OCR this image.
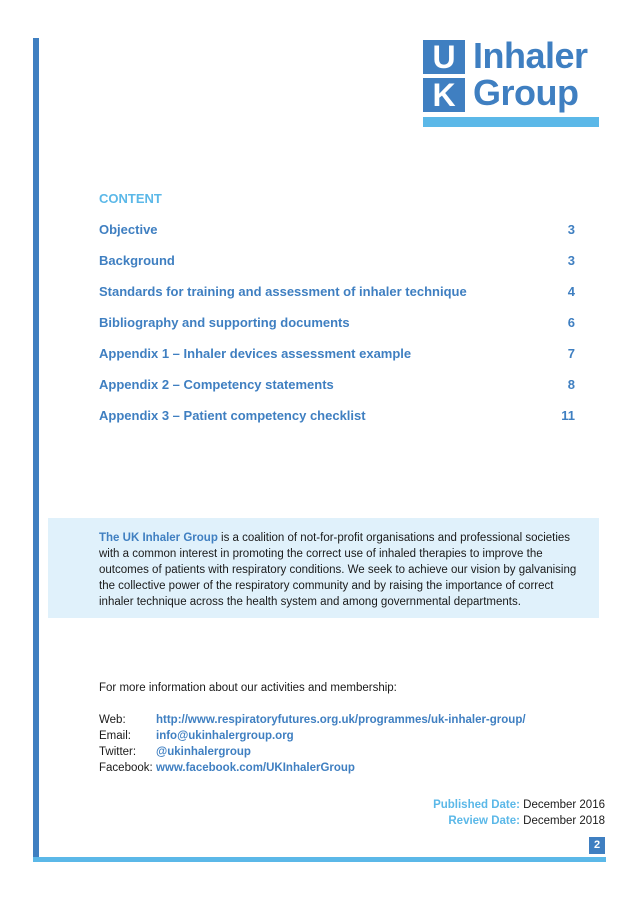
U
K
Inhaler
Group
CONTENT
Objective	3
Background	3
Standards for training and assessment of inhaler technique	4
Bibliography and supporting documents	6
Appendix 1 – Inhaler devices assessment example	7
Appendix 2 – Competency statements	8
Appendix 3 – Patient competency checklist	11
The UK Inhaler Group is a coalition of not-for-profit organisations and professional societies with a common interest in promoting the correct use of inhaled therapies to improve the outcomes of patients with respiratory conditions. We seek to achieve our vision by galvanising the collective power of the respiratory community and by raising the importance of correct inhaler technique across the health system and among governmental departments.
For more information about our activities and membership:
Web:	http://www.respiratoryfutures.org.uk/programmes/uk-inhaler-group/
Email:	info@ukinhalergroup.org
Twitter:	@ukinhalergroup
Facebook: www.facebook.com/UKInhalerGroup
Published Date: December 2016
Review Date: December 2018
2
